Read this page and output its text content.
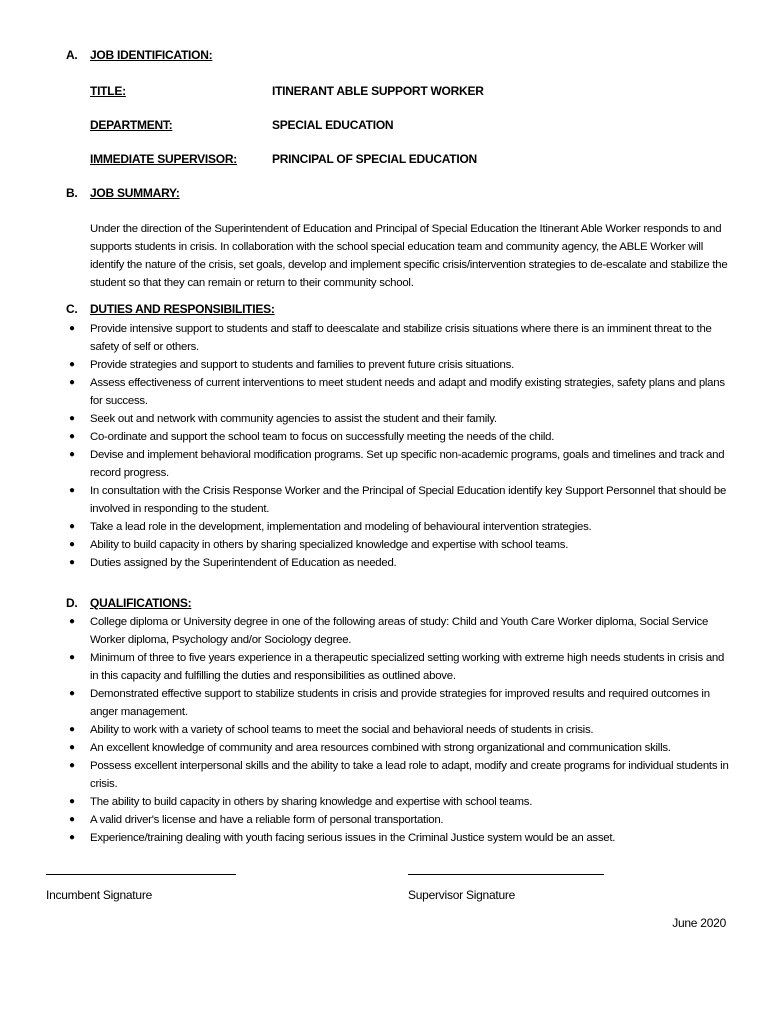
A. JOB IDENTIFICATION:
TITLE:	ITINERANT ABLE SUPPORT WORKER
DEPARTMENT:	SPECIAL EDUCATION
IMMEDIATE SUPERVISOR:	PRINCIPAL OF SPECIAL EDUCATION
B. JOB SUMMARY:
Under the direction of the Superintendent of Education and Principal of Special Education the Itinerant Able Worker responds to and supports students in crisis. In collaboration with the school special education team and community agency, the ABLE Worker will identify the nature of the crisis, set goals, develop and implement specific crisis/intervention strategies to de-escalate and stabilize the student so that they can remain or return to their community school.
C. DUTIES AND RESPONSIBILITIES:
● Provide intensive support to students and staff to deescalate and stabilize crisis situations where there is an imminent threat to the safety of self or others.
● Provide strategies and support to students and families to prevent future crisis situations.
● Assess effectiveness of current interventions to meet student needs and adapt and modify existing strategies, safety plans and plans for success.
● Seek out and network with community agencies to assist the student and their family.
● Co-ordinate and support the school team to focus on successfully meeting the needs of the child.
● Devise and implement behavioral modification programs. Set up specific non-academic programs, goals and timelines and track and record progress.
● In consultation with the Crisis Response Worker and the Principal of Special Education identify key Support Personnel that should be involved in responding to the student.
● Take a lead role in the development, implementation and modeling of behavioural intervention strategies.
● Ability to build capacity in others by sharing specialized knowledge and expertise with school teams.
● Duties assigned by the Superintendent of Education as needed.
D. QUALIFICATIONS:
● College diploma or University degree in one of the following areas of study: Child and Youth Care Worker diploma, Social Service Worker diploma, Psychology and/or Sociology degree.
● Minimum of three to five years experience in a therapeutic specialized setting working with extreme high needs students in crisis and in this capacity and fulfilling the duties and responsibilities as outlined above.
● Demonstrated effective support to stabilize students in crisis and provide strategies for improved results and required outcomes in anger management.
● Ability to work with a variety of school teams to meet the social and behavioral needs of students in crisis.
● An excellent knowledge of community and area resources combined with strong organizational and communication skills.
● Possess excellent interpersonal skills and the ability to take a lead role to adapt, modify and create programs for individual students in crisis.
● The ability to build capacity in others by sharing knowledge and expertise with school teams.
● A valid driver's license and have a reliable form of personal transportation.
● Experience/training dealing with youth facing serious issues in the Criminal Justice system would be an asset.
Incumbent Signature	Supervisor Signature
June 2020
